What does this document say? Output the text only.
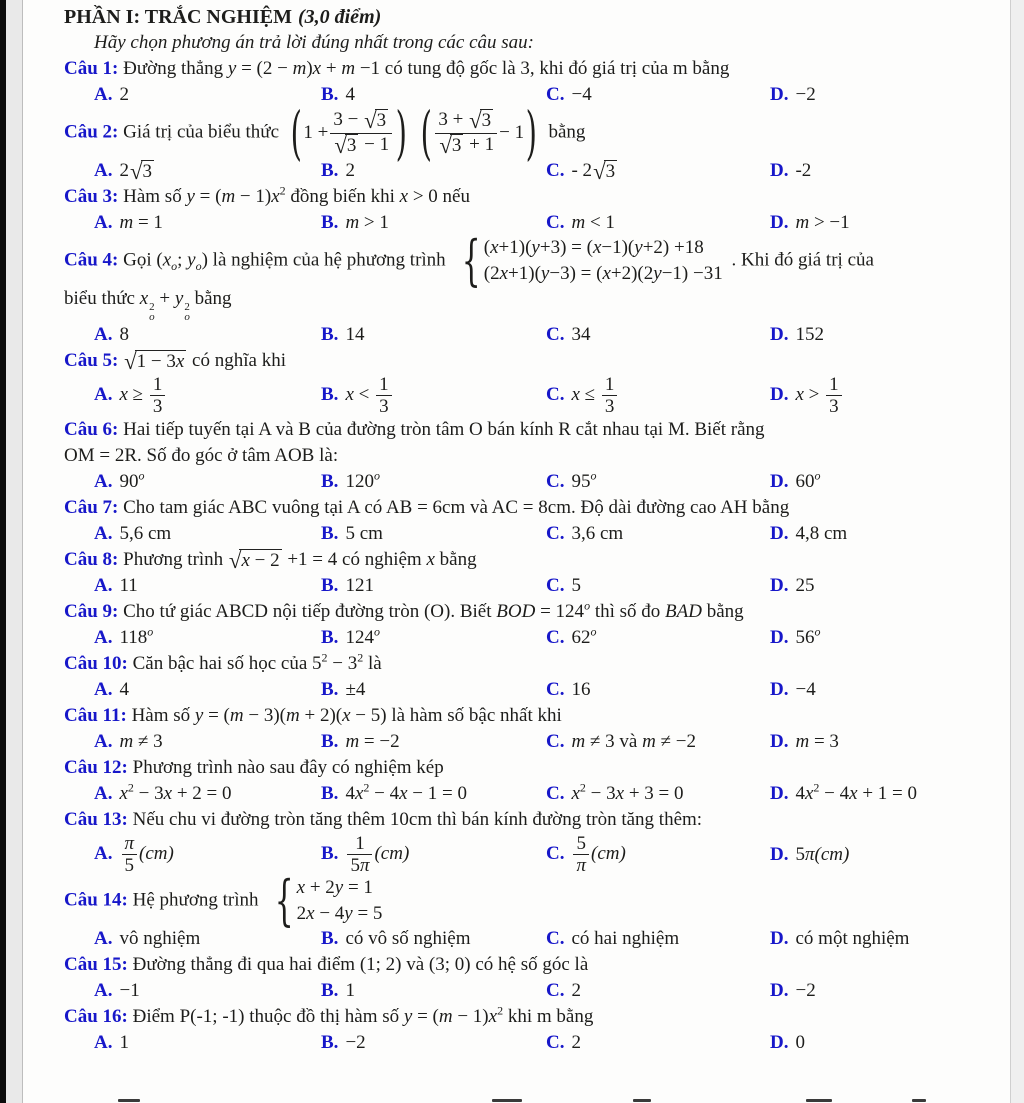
PHẦN I: TRẮC NGHIỆM (3,0 điểm)
Hãy chọn phương án trả lời đúng nhất trong các câu sau:
Câu 1: Đường thẳng y = (2 − m)x + m −1 có tung độ gốc là 3, khi đó giá trị của m bằng
A. 2	B. 4	C. −4	D. −2
Câu 2: Giá trị của biểu thức ( $1 + \frac{3 - √ 3}{√ 3 - 1}$ ) ( $\frac{3 + √ 3}{√ 3 + 1} - 1$ ) bằng
A. 2 √ 3	B. 2	C. - 2 √ 3	D. -2
Câu 3: Hàm số $y = (m - 1)x^2$ đồng biến khi x > 0 nếu
A. m = 1	B. m > 1	C. m < 1	D. m > −1
Câu 4: Gọi ($x_o$; $y_o$) là nghiệm của hệ phương trình { (x+1)(y+3) = (x−1)(y+2) +18
(2x+1)(y−3) = (x+2)(2y−1) −31
. Khi đó giá trị của
biểu thức x 2
o
+ y 2
o
bằng
A. 8	B. 14	C. 34	D. 152
Câu 5: √ 1 − 3x có nghĩa khi
A. $x \ge \frac{1}{3}$	B. $x < \frac{1}{3}$	C. $x \le \frac{1}{3}$	D. $x > \frac{1}{3}$
Câu 6: Hai tiếp tuyến tại A và B của đường tròn tâm O bán kính R cắt nhau tại M. Biết rằng
OM = 2R. Số đo góc ở tâm AOB là:
A. 90$^o$	B. 120$^o$	C. 95$^o$	D. 60$^o$
Câu 7: Cho tam giác ABC vuông tại A có AB = 6cm và AC = 8cm. Độ dài đường cao AH bằng
A. 5,6 cm	B. 5 cm	C. 3,6 cm	D. 4,8 cm
Câu 8: Phương trình √ x − 2 +1 = 4 có nghiệm x bằng
A. 11	B. 121	C. 5	D. 25
Câu 9: Cho tứ giác ABCD nội tiếp đường tròn (O). Biết BOD = $124^o$ thì số đo BAD bằng
A. 118$^o$	B. 124$^o$	C. 62$^o$	D. 56$^o$
Câu 10: Căn bậc hai số học của $5^2 - 3^2$ là
A. 4	B. ±4	C. 16	D. −4
Câu 11: Hàm số y = (m − 3)(m + 2)(x − 5) là hàm số bậc nhất khi
A. m ≠ 3	B. m = −2	C. m ≠ 3 và m ≠ −2	D. m = 3
Câu 12: Phương trình nào sau đây có nghiệm kép
A. $x^2 - 3x + 2 = 0$	B. $4x^2 - 4x - 1 = 0$	C. $x^2 - 3x + 3 = 0$	D. $4x^2 - 4x + 1 = 0$
Câu 13: Nếu chu vi đường tròn tăng thêm 10cm thì bán kính đường tròn tăng thêm:
A. $\frac{\pi}{5} (cm)$	B. $\frac{1}{5\pi} (cm)$	C. $\frac{5}{\pi} (cm)$	D. 5π(cm)
Câu 14: Hệ phương trình { x + 2y = 1
2x − 4y = 5
A. vô nghiệm	B. có vô số nghiệm	C. có hai nghiệm	D. có một nghiệm
Câu 15: Đường thẳng đi qua hai điểm (1; 2) và (3; 0) có hệ số góc là
A. −1	B. 1	C. 2	D. −2
Câu 16: Điểm P(-1; -1) thuộc đồ thị hàm số $y = (m - 1)x^2$ khi m bằng
A. 1	B. −2	C. 2	D. 0
